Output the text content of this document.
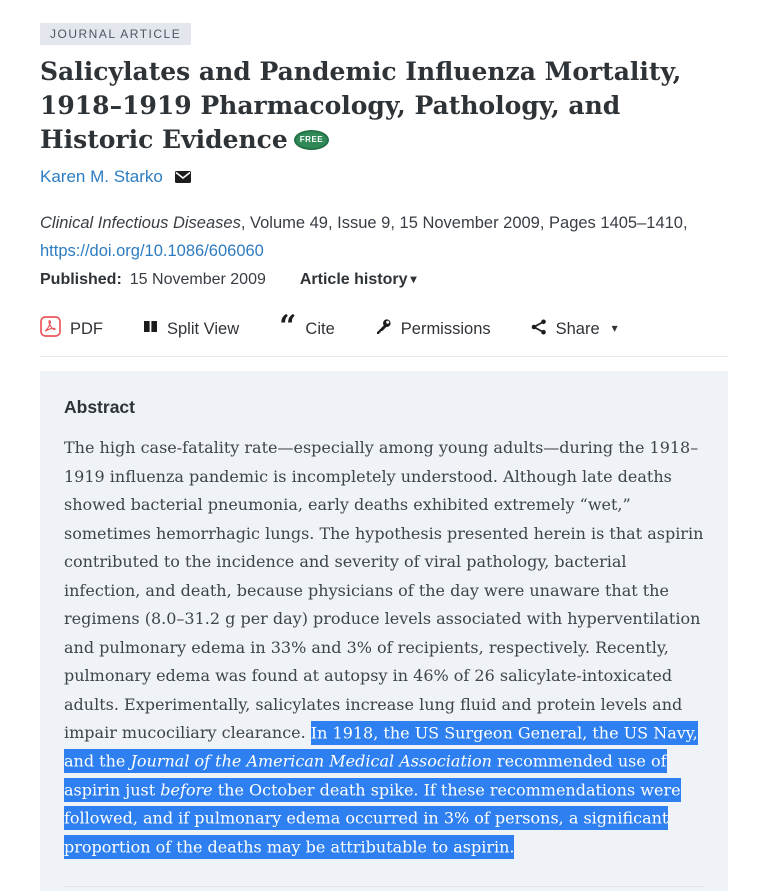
JOURNAL ARTICLE
Salicylates and Pandemic Influenza Mortality, 1918–1919 Pharmacology, Pathology, and Historic Evidence FREE
Karen M. Starko
Clinical Infectious Diseases, Volume 49, Issue 9, 15 November 2009, Pages 1405–1410,
https://doi.org/10.1086/606060
Published: 15 November 2009 Article history ▾
PDF	Split View “ Cite	Permissions	Share ▾
Abstract

The high case-fatality rate—especially among young adults—during the 1918–1919 influenza pandemic is incompletely understood. Although late deaths showed bacterial pneumonia, early deaths exhibited extremely “wet,” sometimes hemorrhagic lungs. The hypothesis presented herein is that aspirin contributed to the incidence and severity of viral pathology, bacterial infection, and death, because physicians of the day were unaware that the regimens (8.0–31.2 g per day) produce levels associated with hyperventilation and pulmonary edema in 33% and 3% of recipients, respectively. Recently, pulmonary edema was found at autopsy in 46% of 26 salicylate-intoxicated adults. Experimentally, salicylates increase lung fluid and protein levels and impair mucociliary clearance. In 1918, the US Surgeon General, the US Navy, and the Journal of the American Medical Association recommended use of aspirin just before the October death spike. If these recommendations were followed, and if pulmonary edema occurred in 3% of persons, a significant proportion of the deaths may be attributable to aspirin.
